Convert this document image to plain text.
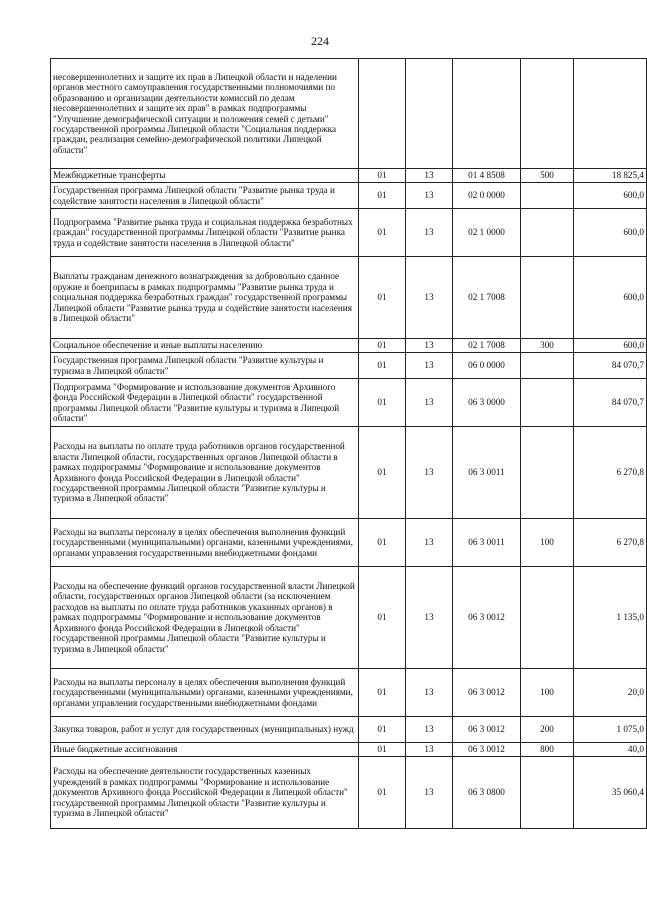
224
несовершеннолетних и защите их прав в Липецкой области и наделении органов местного самоуправления государственными полномочиями по образованию и организации деятельности комиссий по делам несовершеннолетних и защите их прав" в рамках подпрограммы "Улучшение демографической ситуации и положения семей с детьми" государственной программы Липецкой области "Социальная поддержка граждан, реализация семейно-демографической политики Липецкой области"					
Межбюджетные трансферты	01	13	01 4 8508	500	18 825,4
Государственная программа Липецкой области "Развитие рынка труда и содействие занятости населения в Липецкой области"	01	13	02 0 0000		600,0
Подпрограмма "Развитие рынка труда и социальная поддержка безработных граждан" государственной программы Липецкой области "Развитие рынка труда и содействие занятости населения в Липецкой области"	01	13	02 1 0000		600,0
Выплаты гражданам денежного вознаграждения за добровольно сданное оружие и боеприпасы в рамках подпрограммы "Развитие рынка труда и социальная поддержка безработных граждан" государственной программы Липецкой области "Развитие рынка труда и содействие занятости населения в Липецкой области"	01	13	02 1 7008		600,0
Социальное обеспечение и иные выплаты населению	01	13	02 1 7008	300	600,0
Государственная программа Липецкой области "Развитие культуры и туризма в Липецкой области"	01	13	06 0 0000		84 070,7
Подпрограмма "Формирование и использование документов Архивного фонда Российской Федерации в Липецкой области" государственной программы Липецкой области "Развитие культуры и туризма в Липецкой области"	01	13	06 3 0000		84 070,7
Расходы на выплаты по оплате труда работников органов государственной власти Липецкой области, государственных органов Липецкой области в рамках подпрограммы "Формирование и использование документов Архивного фонда Российской Федерации в Липецкой области" государственной программы Липецкой области "Развитие культуры и туризма в Липецкой области"	01	13	06 3 0011		6 270,8
Расходы на выплаты персоналу в целях обеспечения выполнения функций государственными (муниципальными) органами, казенными учреждениями, органами управления государственными внебюджетными фондами	01	13	06 3 0011	100	6 270,8
Расходы на обеспечение функций органов государственной власти Липецкой области, государственных органов Липецкой области (за исключением расходов на выплаты по оплате труда работников указанных органов) в рамках подпрограммы "Формирование и использование документов Архивного фонда Российской Федерации в Липецкой области" государственной программы Липецкой области "Развитие культуры и туризма в Липецкой области"	01	13	06 3 0012		1 135,0
Расходы на выплаты персоналу в целях обеспечения выполнения функций государственными (муниципальными) органами, казенными учреждениями, органами управления государственными внебюджетными фондами	01	13	06 3 0012	100	20,0
Закупка товаров, работ и услуг для государственных (муниципальных) нужд	01	13	06 3 0012	200	1 075,0
Иные бюджетные ассигнования	01	13	06 3 0012	800	40,0
Расходы на обеспечение деятельности государственных казенных учреждений в рамках подпрограммы "Формирование и использование документов Архивного фонда Российской Федерации в Липецкой области" государственной программы Липецкой области "Развитие культуры и туризма в Липецкой области"	01	13	06 3 0800		35 060,4
